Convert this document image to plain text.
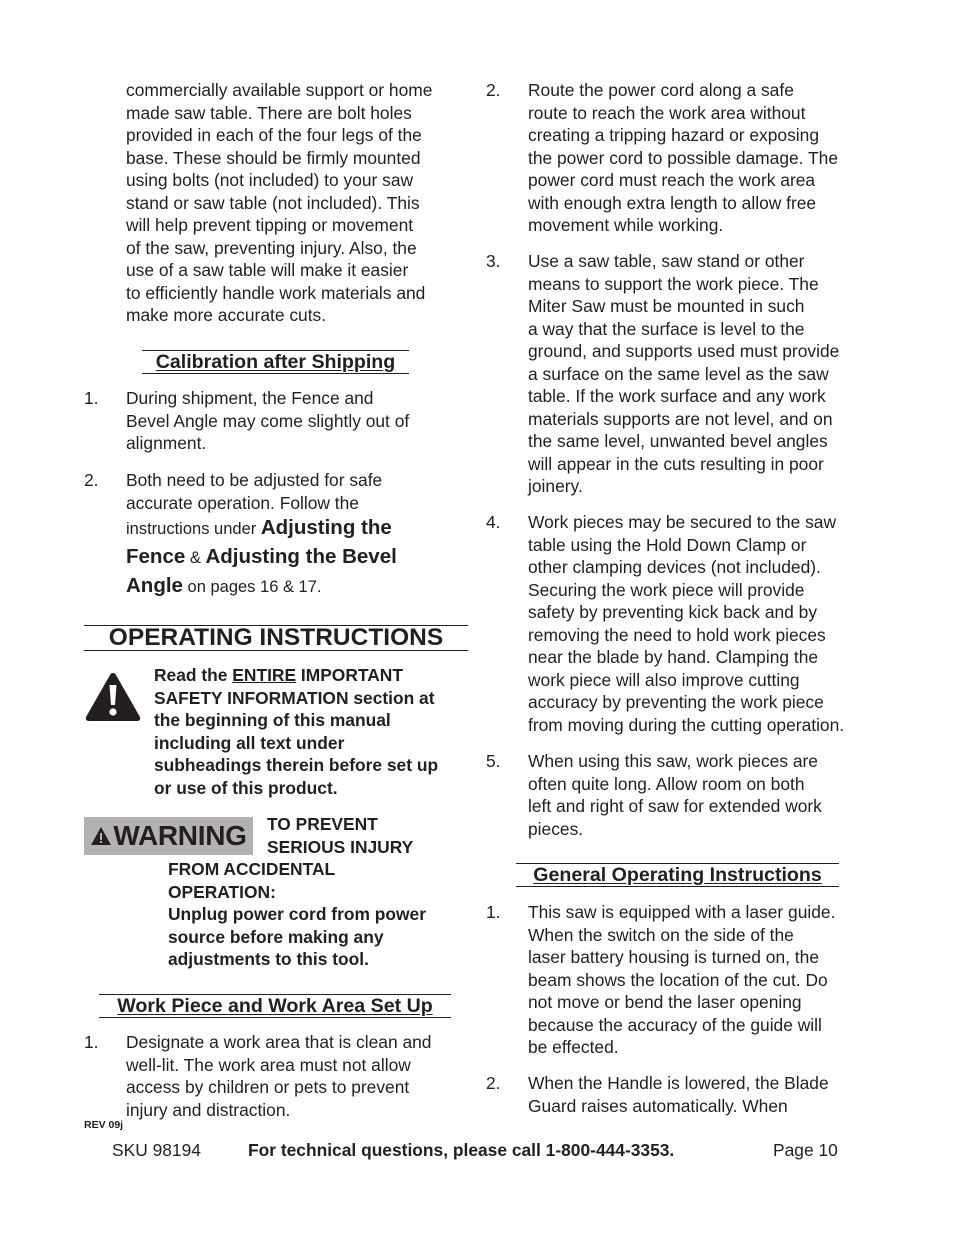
commercially available support or home
made saw table. There are bolt holes
provided in each of the four legs of the
base. These should be firmly mounted
using bolts (not included) to your saw
stand or saw table (not included). This
will help prevent tipping or movement
of the saw, preventing injury. Also, the
use of a saw table will make it easier
to efficiently handle work materials and
make more accurate cuts.
Calibration after Shipping
1. During shipment, the Fence and
Bevel Angle may come slightly out of
alignment.
2. Both need to be adjusted for safe
accurate operation. Follow the
instructions under Adjusting the
Fence & Adjusting the Bevel
Angle on pages 16 & 17.
OPERATING INSTRUCTIONS
Read the ENTIRE IMPORTANT
SAFETY INFORMATION section at
the beginning of this manual
including all text under
subheadings therein before set up
or use of this product.
WARNING TO PREVENT
SERIOUS INJURY
FROM ACCIDENTAL
OPERATION:
Unplug power cord from power
source before making any
adjustments to this tool.
Work Piece and Work Area Set Up
1. Designate a work area that is clean and
well-lit. The work area must not allow
access by children or pets to prevent
injury and distraction.
2. Route the power cord along a safe
route to reach the work area without
creating a tripping hazard or exposing
the power cord to possible damage. The
power cord must reach the work area
with enough extra length to allow free
movement while working.
3. Use a saw table, saw stand or other
means to support the work piece. The
Miter Saw must be mounted in such
a way that the surface is level to the
ground, and supports used must provide
a surface on the same level as the saw
table. If the work surface and any work
materials supports are not level, and on
the same level, unwanted bevel angles
will appear in the cuts resulting in poor
joinery.
4. Work pieces may be secured to the saw
table using the Hold Down Clamp or
other clamping devices (not included).
Securing the work piece will provide
safety by preventing kick back and by
removing the need to hold work pieces
near the blade by hand. Clamping the
work piece will also improve cutting
accuracy by preventing the work piece
from moving during the cutting operation.
5. When using this saw, work pieces are
often quite long. Allow room on both
left and right of saw for extended work
pieces.
General Operating Instructions
1. This saw is equipped with a laser guide.
When the switch on the side of the
laser battery housing is turned on, the
beam shows the location of the cut. Do
not move or bend the laser opening
because the accuracy of the guide will
be effected.
2. When the Handle is lowered, the Blade
Guard raises automatically. When
REV 09j
SKU 98194	For technical questions, please call 1-800-444-3353.	Page 10
